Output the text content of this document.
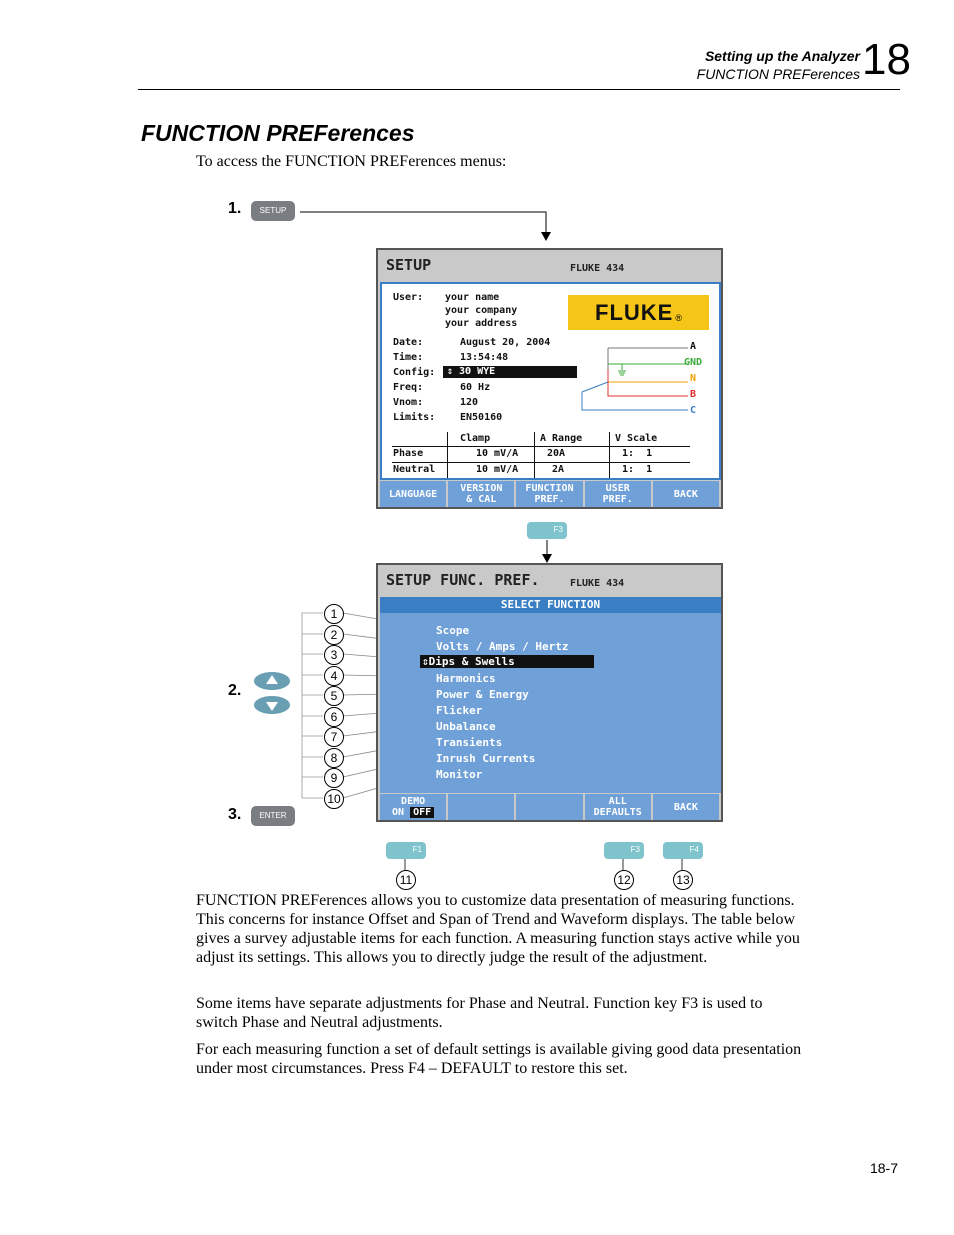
Setting up the Analyzer
FUNCTION PREFerences 18
FUNCTION PREFerences
To access the FUNCTION PREFerences menus:
1.	SETUP
SETUP	FLUKE 434
User: your name
your company
your address	FLUKE ®
Date:	August 20, 2004
Time:	13:54:48
Config:	⇕ 3Θ WYE
Freq:	60 Hz
Vnom:	120
Limits: EN50160
A
GND
N
B
C
Clamp	A Range	V Scale
Phase	10 mV/A	20A	1:  1
Neutral	10 mV/A	2A	1:  1
LANGUAGE	VERSION
& CAL
FUNCTION
PREF.
USER
PREF.	BACK
F3
SETUP FUNC. PREF.	FLUKE 434
SELECT FUNCTION
Scope
Volts / Amps / Hertz
⇕Dips & Swells
Harmonics
Power & Energy
Flicker
Unbalance
Transients
Inrush Currents
Monitor
DEMO
ON OFF
ALL
DEFAULTS	BACK
2.
3.	ENTER
1
2
3
4
5
6
7
8
9
10
F1	F3	F4
11	12	13
FUNCTION PREFerences allows you to customize data presentation of measuring functions. This concerns for instance Offset and Span of Trend and Waveform displays. The table below gives a survey adjustable items for each function. A measuring function stays active while you adjust its settings. This allows you to directly judge the result of the adjustment.
Some items have separate adjustments for Phase and Neutral. Function key F3 is used to switch Phase and Neutral adjustments.
For each measuring function a set of default settings is available giving good data presentation under most circumstances. Press F4 – DEFAULT to restore this set.
18-7
